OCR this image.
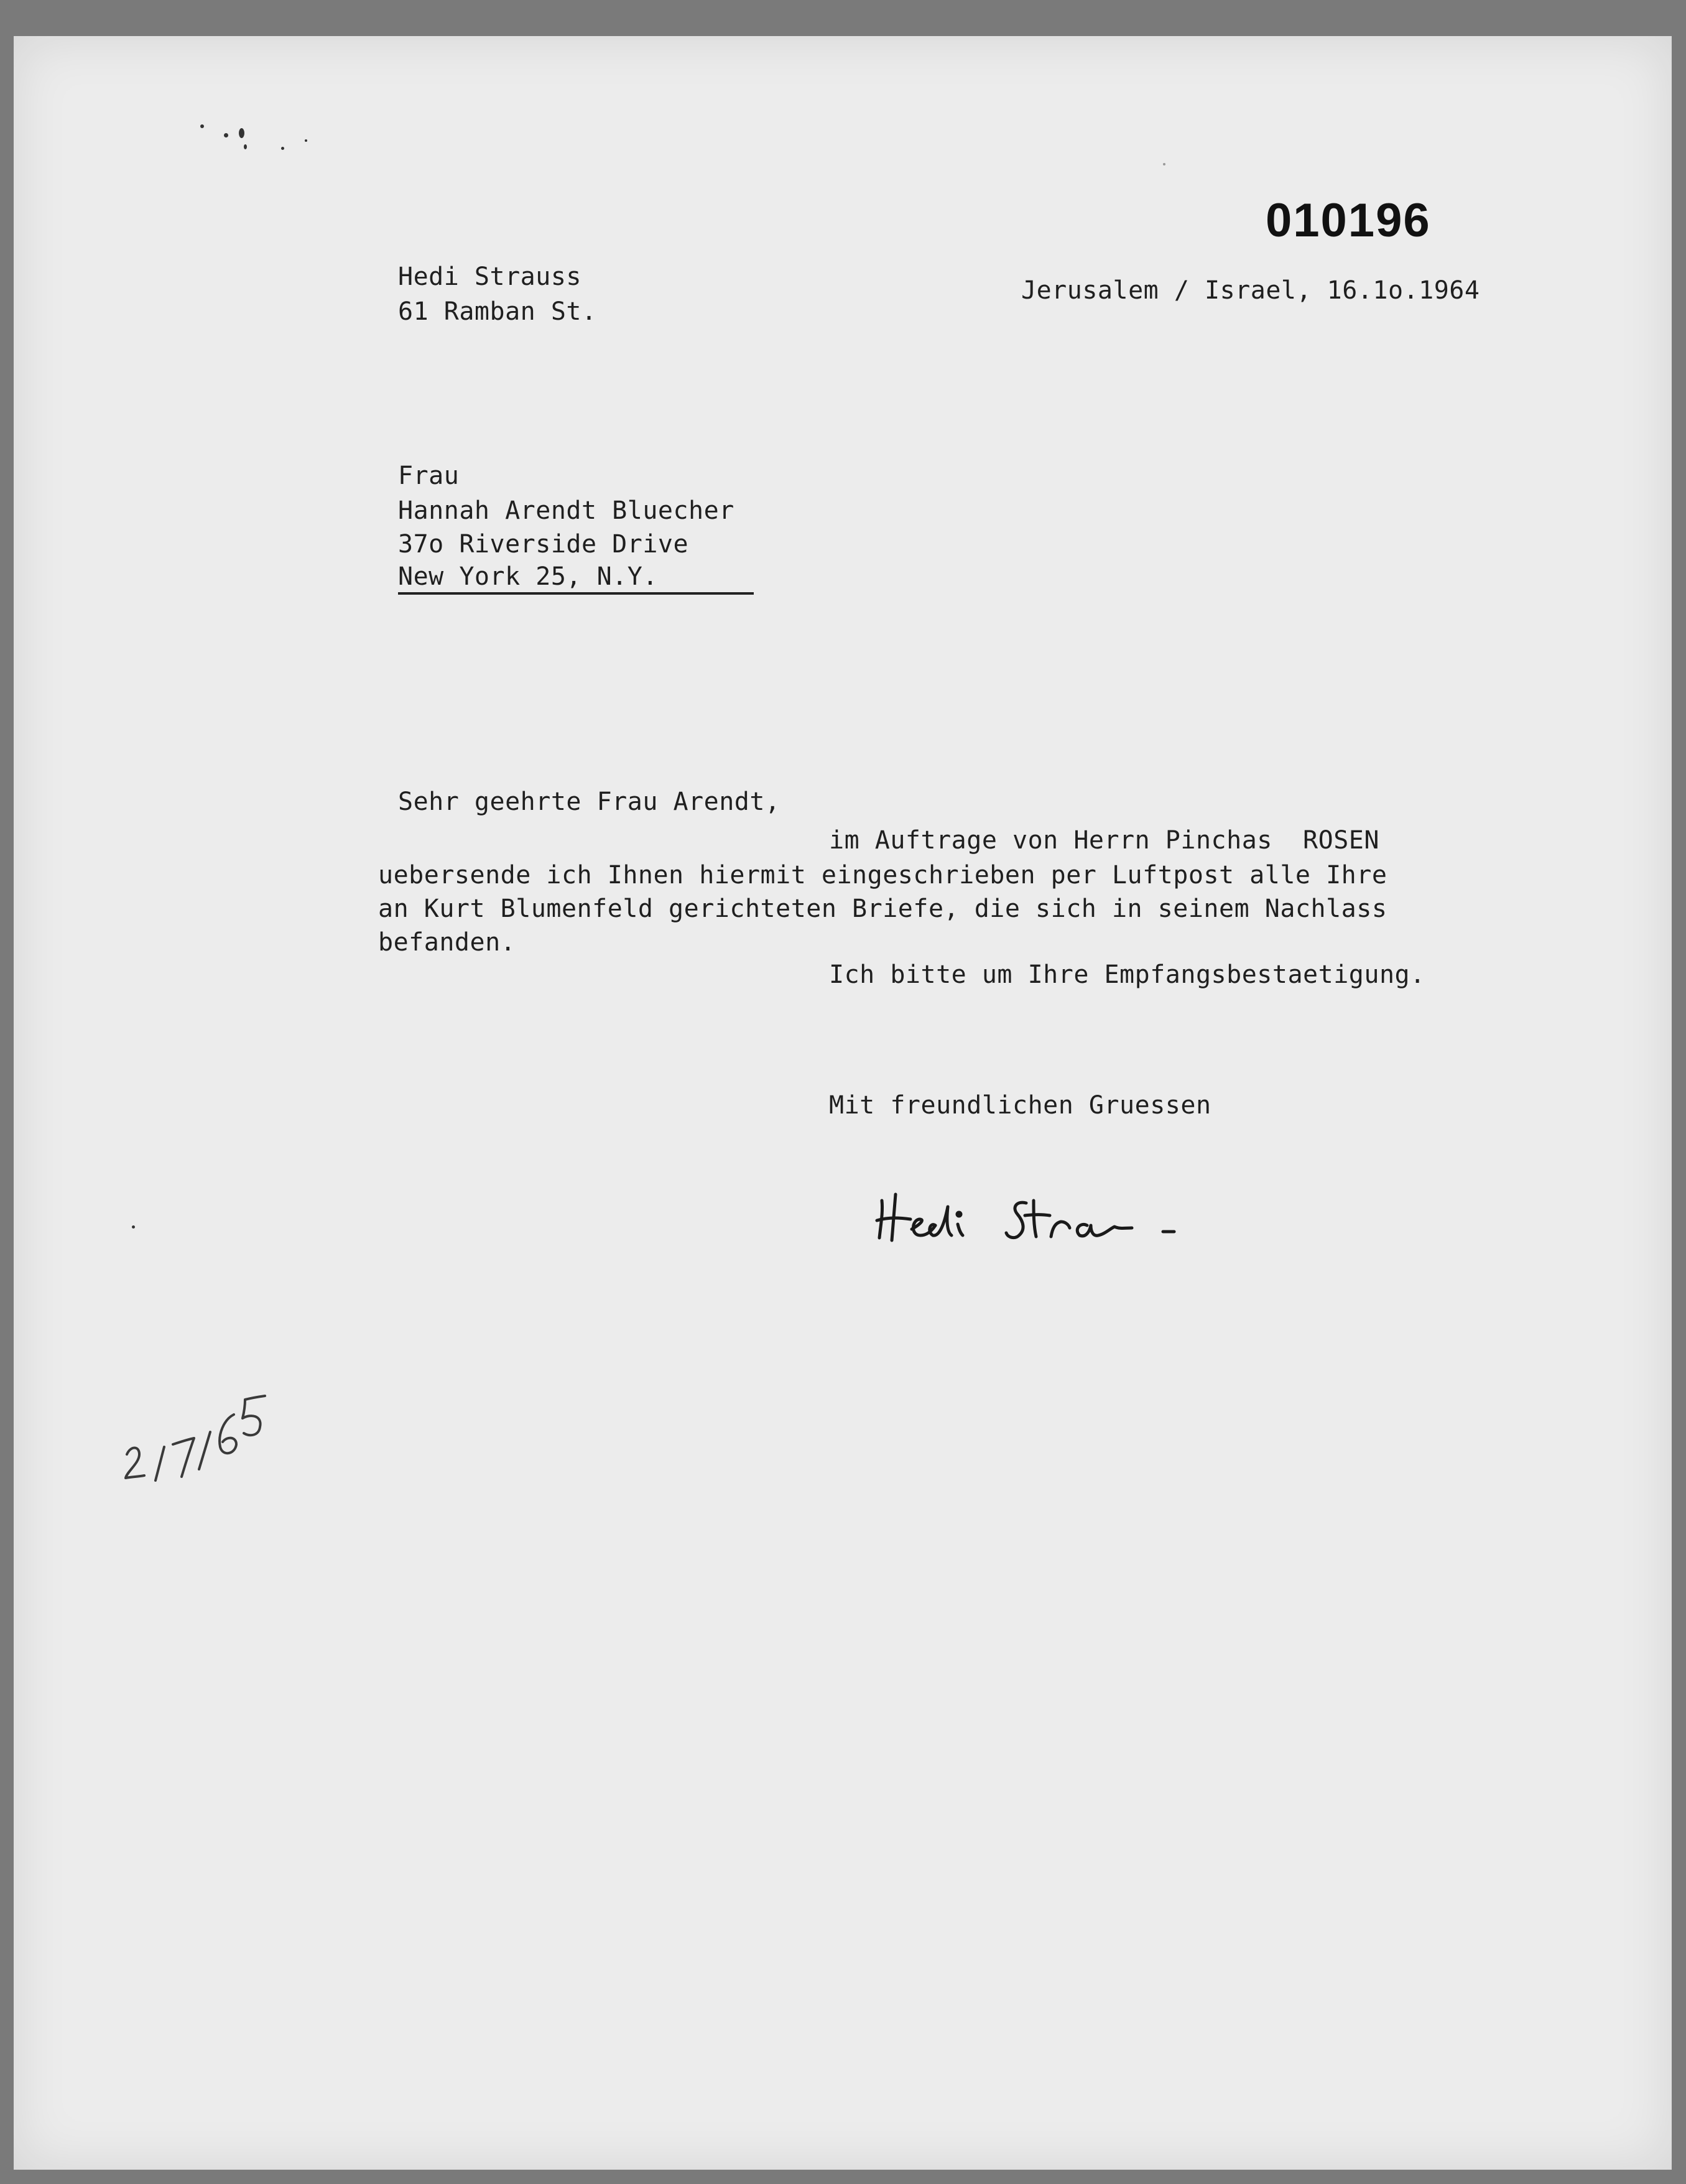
010196
Hedi Strauss
61 Ramban St.
Jerusalem / Israel, 16.1o.1964
Frau
Hannah Arendt Bluecher
37o Riverside Drive
New York 25, N.Y.
Sehr geehrte Frau Arendt,
im Auftrage von Herrn Pinchas  ROSEN
uebersende ich Ihnen hiermit eingeschrieben per Luftpost alle Ihre
an Kurt Blumenfeld gerichteten Briefe, die sich in seinem Nachlass
befanden.
Ich bitte um Ihre Empfangsbestaetigung.
Mit freundlichen Gruessen
